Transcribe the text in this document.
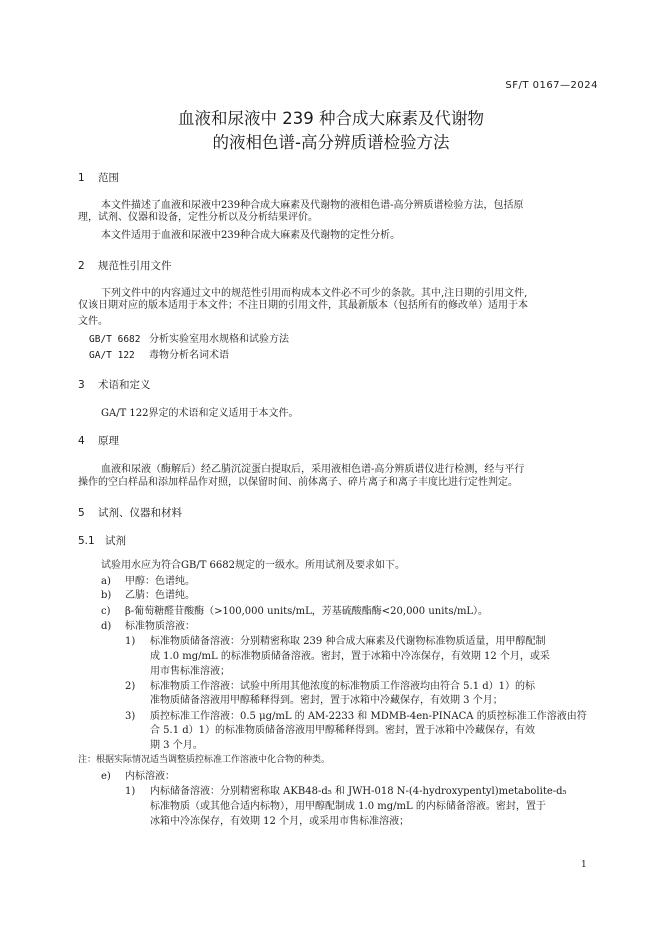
SF/T 0167—2024
血液和尿液中 239 种合成大麻素及代谢物
的液相色谱-高分辨质谱检验方法
1 范围
本文件描述了血液和尿液中239种合成大麻素及代谢物的液相色谱-高分辨质谱检验方法，包括原
理，试剂、仪器和设备，定性分析以及分析结果评价。
本文件适用于血液和尿液中239种合成大麻素及代谢物的定性分析。
2 规范性引用文件
下列文件中的内容通过文中的规范性引用而构成本文件必不可少的条款。其中,注日期的引用文件,
仅该日期对应的版本适用于本文件；不注日期的引用文件，其最新版本（包括所有的修改单）适用于本
文件。
GB/T 6682 分析实验室用水规格和试验方法
GA/T 122 毒物分析名词术语
3 术语和定义
GA/T 122界定的术语和定义适用于本文件。
4 原理
血液和尿液（酶解后）经乙腈沉淀蛋白提取后，采用液相色谱-高分辨质谱仪进行检测，经与平行
操作的空白样品和添加样品作对照，以保留时间、前体离子、碎片离子和离子丰度比进行定性判定。
5 试剂、仪器和材料
5.1 试剂
试验用水应为符合GB/T 6682规定的一级水。所用试剂及要求如下。
a) 甲醇：色谱纯。
b) 乙腈：色谱纯。
c) β-葡萄糖醛苷酸酶（>100,000 units/mL，芳基硫酸酯酶<20,000 units/mL）。
d) 标准物质溶液：
1) 标准物质储备溶液：分别精密称取 239 种合成大麻素及代谢物标准物质适量，用甲醇配制
成 1.0 mg/mL 的标准物质储备溶液。密封，置于冰箱中冷冻保存，有效期 12 个月，或采
用市售标准溶液；
2) 标准物质工作溶液：试验中所用其他浓度的标准物质工作溶液均由符合 5.1 d）1）的标
准物质储备溶液用甲醇稀释得到。密封，置于冰箱中冷藏保存，有效期 3 个月；
3) 质控标准工作溶液：0.5 μg/mL 的 AM-2233 和 MDMB-4en-PINACA 的质控标准工作溶液由符
合 5.1 d）1）的标准物质储备溶液用甲醇稀释得到。密封，置于冰箱中冷藏保存，有效
期 3 个月。
注：根据实际情况适当调整质控标准工作溶液中化合物的种类。
e) 内标溶液：
1) 内标储备溶液：分别精密称取 AKB48-d₅ 和 JWH-018 N-(4-hydroxypentyl)metabolite-d₅
标准物质（或其他合适内标物），用甲醇配制成 1.0 mg/mL 的内标储备溶液。密封，置于
冰箱中冷冻保存，有效期 12 个月，或采用市售标准溶液；
1
